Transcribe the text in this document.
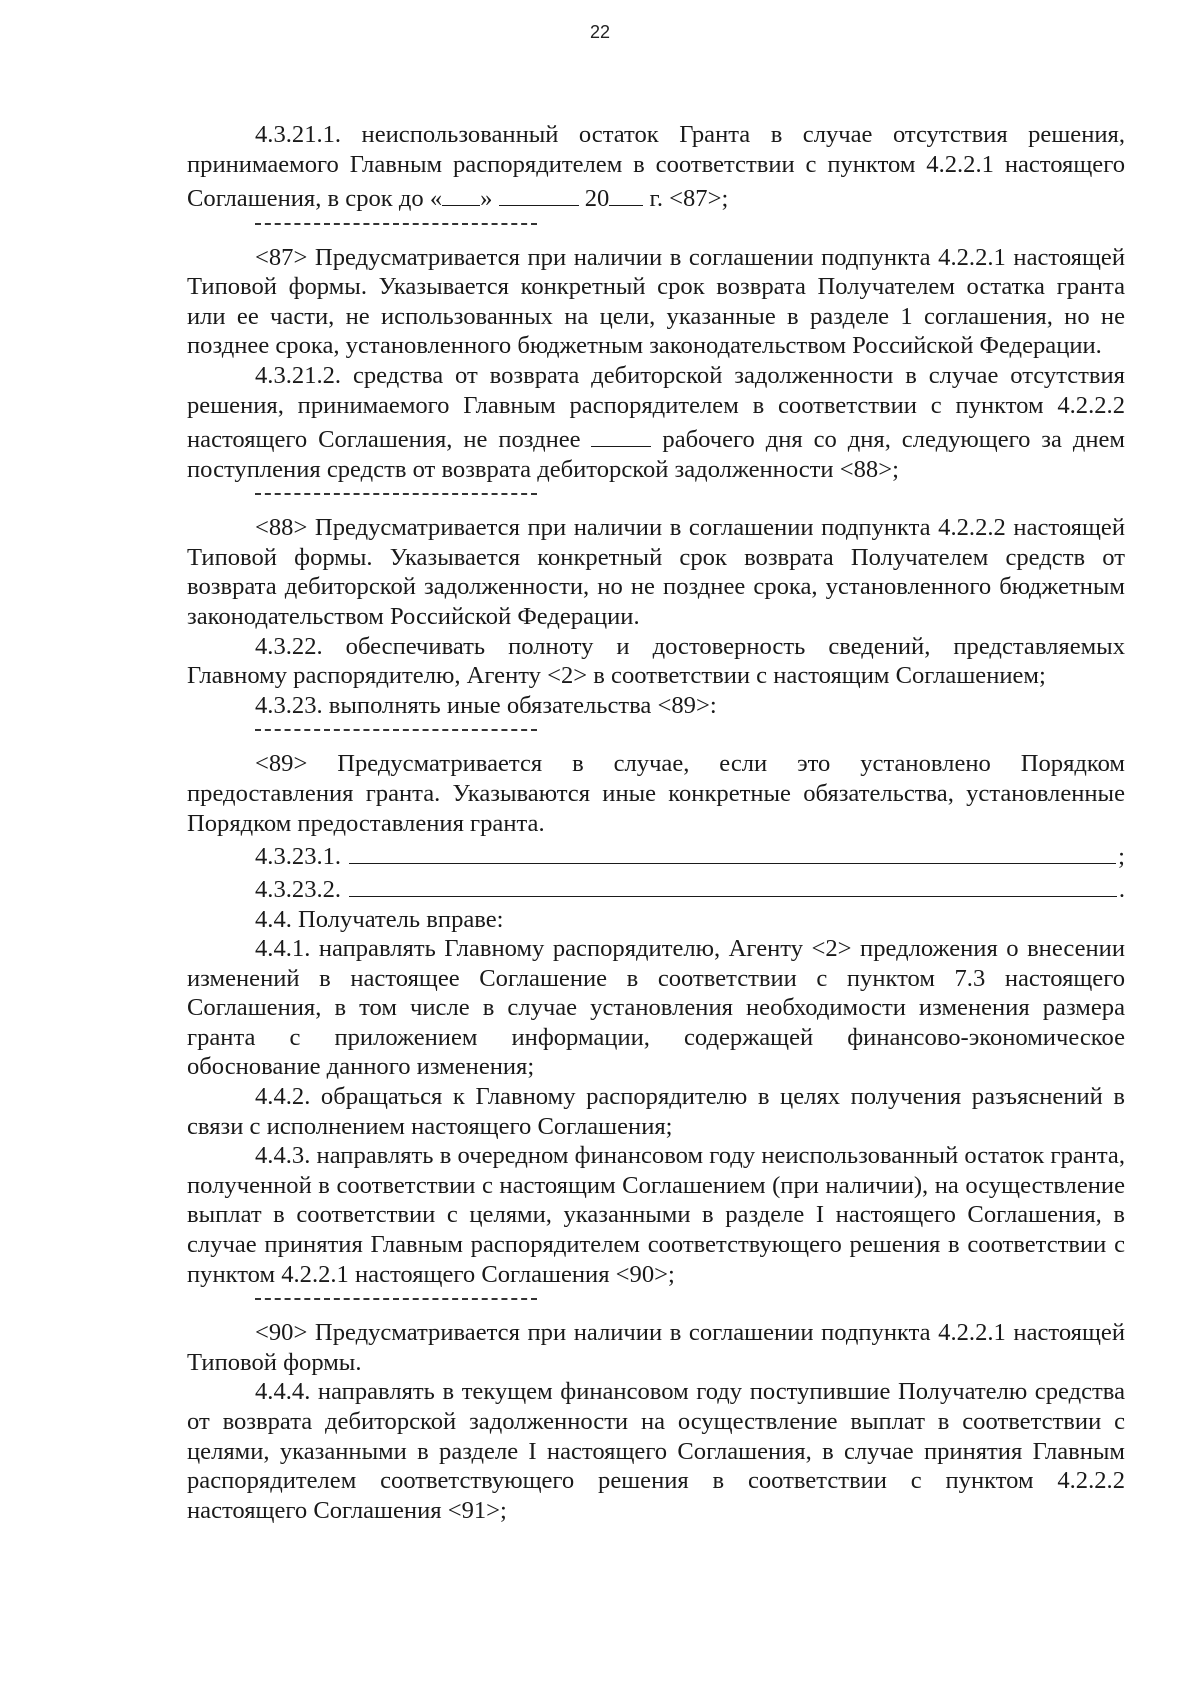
22

4.3.21.1. неиспользованный остаток Гранта в случае отсутствия решения, принимаемого Главным распорядителем в соответствии с пунктом 4.2.2.1 настоящего Соглашения, в срок до « »	20 г. <87>;

<87> Предусматривается при наличии в соглашении подпункта 4.2.2.1 настоящей Типовой формы. Указывается конкретный срок возврата Получателем остатка гранта или ее части, не использованных на цели, указанные в разделе 1 соглашения, но не позднее срока, установленного бюджетным законодательством Российской Федерации.

4.3.21.2. средства от возврата дебиторской задолженности в случае отсутствия решения, принимаемого Главным распорядителем в соответствии с пунктом 4.2.2.2 настоящего Соглашения, не позднее	рабочего дня со дня, следующего за днем поступления средств от возврата дебиторской задолженности <88>;

<88> Предусматривается при наличии в соглашении подпункта 4.2.2.2 настоящей Типовой формы. Указывается конкретный срок возврата Получателем средств от возврата дебиторской задолженности, но не позднее срока, установленного бюджетным законодательством Российской Федерации.

4.3.22. обеспечивать полноту и достоверность сведений, представляемых Главному распорядителю, Агенту <2> в соответствии с настоящим Соглашением;

4.3.23. выполнять иные обязательства <89>:

<89> Предусматривается в случае, если это установлено Порядком предоставления гранта. Указываются иные конкретные обязательства, установленные Порядком предоставления гранта.

4.3.23.1.	;
4.3.23.2.	.

4.4. Получатель вправе:

4.4.1. направлять Главному распорядителю, Агенту <2> предложения о внесении изменений в настоящее Соглашение в соответствии с пунктом 7.3 настоящего Соглашения, в том числе в случае установления необходимости изменения размера гранта с приложением информации, содержащей финансово-экономическое обоснование данного изменения;

4.4.2. обращаться к Главному распорядителю в целях получения разъяснений в связи с исполнением настоящего Соглашения;

4.4.3. направлять в очередном финансовом году неиспользованный остаток гранта, полученной в соответствии с настоящим Соглашением (при наличии), на осуществление выплат в соответствии с целями, указанными в разделе I настоящего Соглашения, в случае принятия Главным распорядителем соответствующего решения в соответствии с пунктом 4.2.2.1 настоящего Соглашения <90>;

<90> Предусматривается при наличии в соглашении подпункта 4.2.2.1 настоящей Типовой формы.

4.4.4. направлять в текущем финансовом году поступившие Получателю средства от возврата дебиторской задолженности на осуществление выплат в соответствии с целями, указанными в разделе I настоящего Соглашения, в случае принятия Главным распорядителем соответствующего решения в соответствии с пунктом 4.2.2.2 настоящего Соглашения <91>;
